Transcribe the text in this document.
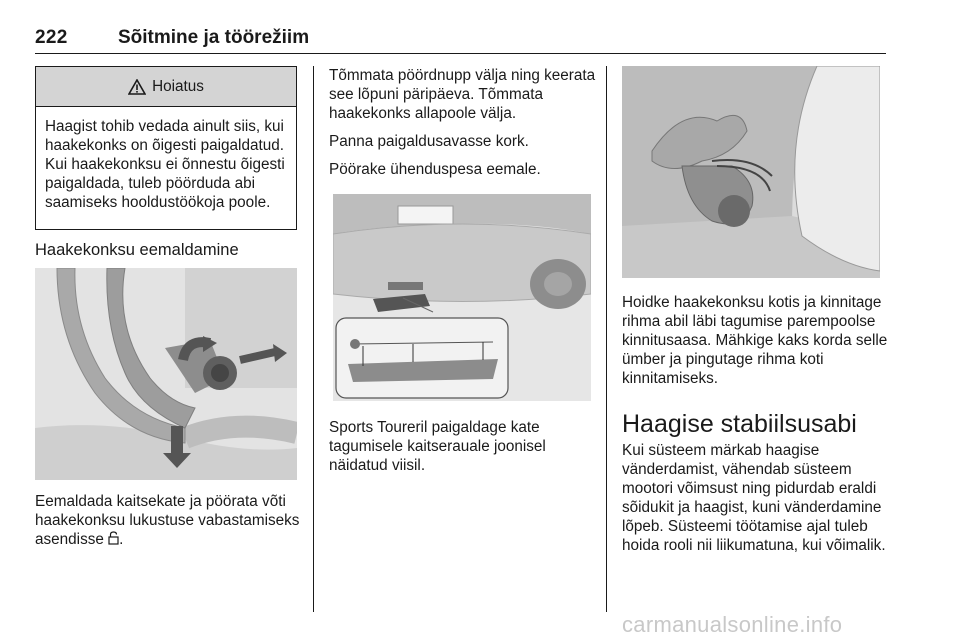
222	Sõitmine ja töörežiim
Hoiatus
Haagist tohib vedada ainult siis, kui haakekonks on õigesti paigaldatud. Kui haakekonksu ei õnnestu õigesti paigaldada, tuleb pöörduda abi saamiseks hooldustöökoja poole.
Haakekonksu eemaldamine

Eemaldada kaitsekate ja pöörata võti haakekonksu lukustuse vabastamiseks asendisse .

Tõmmata pöördnupp välja ning keerata see lõpuni päripäeva. Tõmmata haakekonks allapoole välja.

Panna paigaldusavasse kork.

Pöörake ühenduspesa eemale.

Sports Toureril paigaldage kate tagumisele kaitserauale joonisel näidatud viisil.

Hoidke haakekonksu kotis ja kinnitage rihma abil läbi tagumise parempoolse kinnitusaasa. Mähkige kaks korda selle ümber ja pingutage rihma koti kinnitamiseks.

Haagise stabiilsusabi

Kui süsteem märkab haagise vänderdamist, vähendab süsteem mootori võimsust ning pidurdab eraldi sõidukit ja haagist, kuni vänderdamine lõpeb. Süsteemi töötamise ajal tuleb hoida rooli nii liikumatuna, kui võimalik.

carmanualsonline.info
